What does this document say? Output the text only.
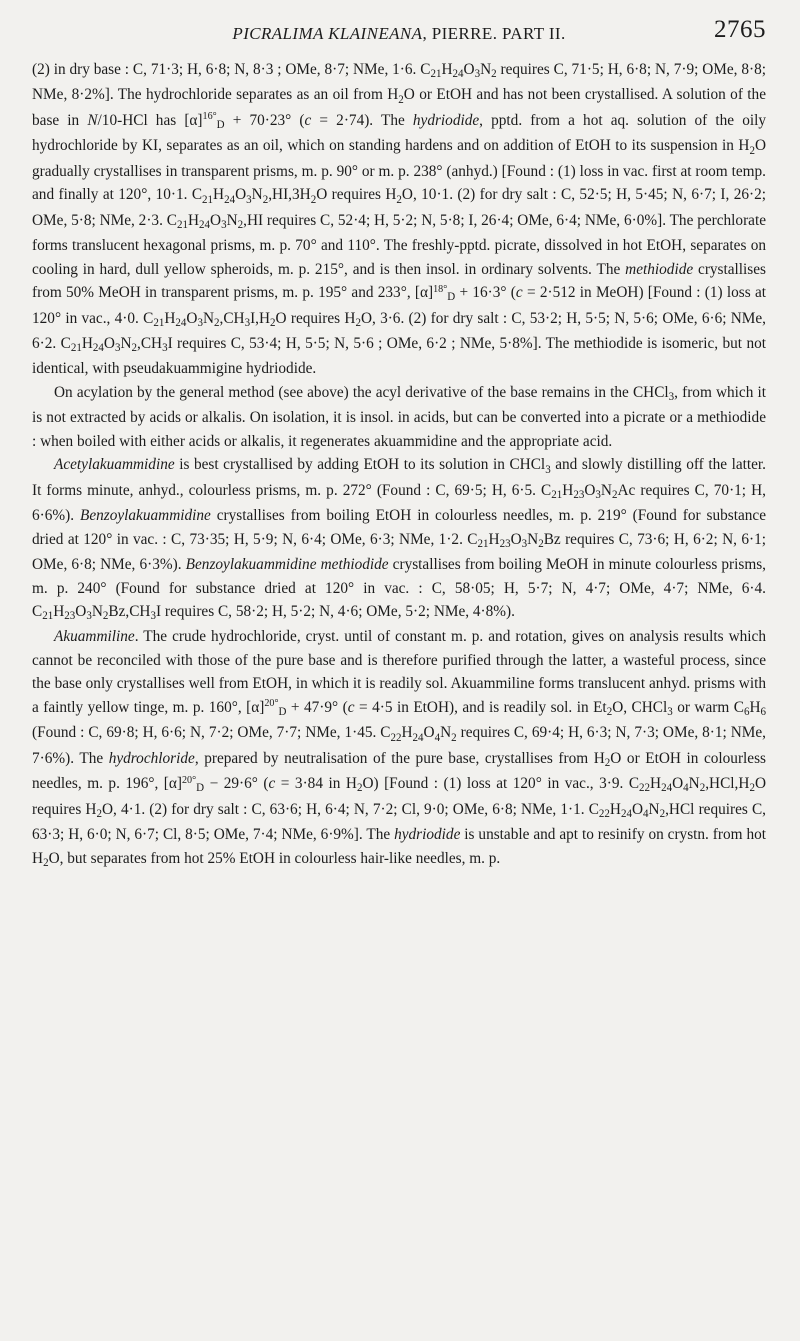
PICRALIMA KLAINEANA, PIERRE. PART II.	2765

(2) in dry base : C, 71·3; H, 6·8; N, 8·3 ; OMe, 8·7; NMe, 1·6. $C_{21}H_{24}O_3N_2$ requires C, 71·5; H, 6·8; N, 7·9; OMe, 8·8; NMe, 8·2%]. The hydrochloride separates as an oil from $H_2O$ or EtOH and has not been crystallised. A solution of the base in N/10-HCl has $[\alpha]^{16^\circ}_D + 70\cdot 23^\circ$ (c = 2·74). The hydriodide, pptd. from a hot aq. solution of the oily hydrochloride by KI, separates as an oil, which on standing hardens and on addition of EtOH to its suspension in $H_2O$ gradually crystallises in transparent prisms, m. p. 90° or m. p. 238° (anhyd.) [Found : (1) loss in vac. first at room temp. and finally at 120°, 10·1. $C_{21}H_{24}O_3N_2,HI,3H_2O$ requires $H_2O$, 10·1. (2) for dry salt : C, 52·5; H, 5·45; N, 6·7; I, 26·2; OMe, 5·8; NMe, 2·3. $C_{21}H_{24}O_3N_2,HI$ requires C, 52·4; H, 5·2; N, 5·8; I, 26·4; OMe, 6·4; NMe, 6·0%]. The perchlorate forms translucent hexagonal prisms, m. p. 70° and 110°. The freshly-pptd. picrate, dissolved in hot EtOH, separates on cooling in hard, dull yellow spheroids, m. p. 215°, and is then insol. in ordinary solvents. The methiodide crystallises from 50% MeOH in transparent prisms, m. p. 195° and 233°, $[\alpha]^{18^\circ}_D + 16\cdot 3^\circ$ (c = 2·512 in MeOH) [Found : (1) loss at 120° in vac., 4·0. $C_{21}H_{24}O_3N_2,CH_3I,H_2O$ requires $H_2O$, 3·6. (2) for dry salt : C, 53·2; H, 5·5; N, 5·6; OMe, 6·6; NMe, 6·2. $C_{21}H_{24}O_3N_2,CH_3I$ requires C, 53·4; H, 5·5; N, 5·6 ; OMe, 6·2 ; NMe, 5·8%]. The methiodide is isomeric, but not identical, with pseudakuammigine hydriodide.

On acylation by the general method (see above) the acyl derivative of the base remains in the CHCl$_3$, from which it is not extracted by acids or alkalis. On isolation, it is insol. in acids, but can be converted into a picrate or a methiodide : when boiled with either acids or alkalis, it regenerates akuammidine and the appropriate acid.

Acetylakuammidine is best crystallised by adding EtOH to its solution in CHCl$_3$ and slowly distilling off the latter. It forms minute, anhyd., colourless prisms, m. p. 272° (Found : C, 69·5; H, 6·5. $C_{21}H_{23}O_3N_2Ac$ requires C, 70·1; H, 6·6%). Benzoylakuammidine crystallises from boiling EtOH in colourless needles, m. p. 219° (Found for substance dried at 120° in vac. : C, 73·35; H, 5·9; N, 6·4; OMe, 6·3; NMe, 1·2. $C_{21}H_{23}O_3N_2Bz$ requires C, 73·6; H, 6·2; N, 6·1; OMe, 6·8; NMe, 6·3%). Benzoylakuammidine methiodide crystallises from boiling MeOH in minute colourless prisms, m. p. 240° (Found for substance dried at 120° in vac. : C, 58·05; H, 5·7; N, 4·7; OMe, 4·7; NMe, 6·4. $C_{21}H_{23}O_3N_2Bz,CH_3I$ requires C, 58·2; H, 5·2; N, 4·6; OMe, 5·2; NMe, 4·8%).

Akuammiline. The crude hydrochloride, cryst. until of constant m. p. and rotation, gives on analysis results which cannot be reconciled with those of the pure base and is therefore purified through the latter, a wasteful process, since the base only crystallises well from EtOH, in which it is readily sol. Akuammiline forms translucent anhyd. prisms with a faintly yellow tinge, m. p. 160°, $[\alpha]^{20^\circ}_D + 47\cdot 9^\circ$ (c = 4·5 in EtOH), and is readily sol. in $Et_2O$, CHCl$_3$ or warm $C_6H_6$ (Found : C, 69·8; H, 6·6; N, 7·2; OMe, 7·7; NMe, 1·45. $C_{22}H_{24}O_4N_2$ requires C, 69·4; H, 6·3; N, 7·3; OMe, 8·1; NMe, 7·6%). The hydrochloride, prepared by neutralisation of the pure base, crystallises from $H_2O$ or EtOH in colourless needles, m. p. 196°, $[\alpha]^{20^\circ}_D - 29\cdot 6^\circ$ (c = 3·84 in $H_2O$) [Found : (1) loss at 120° in vac., 3·9. $C_{22}H_{24}O_4N_2,HCl,H_2O$ requires $H_2O$, 4·1. (2) for dry salt : C, 63·6; H, 6·4; N, 7·2; Cl, 9·0; OMe, 6·8; NMe, 1·1. $C_{22}H_{24}O_4N_2,HCl$ requires C, 63·3; H, 6·0; N, 6·7; Cl, 8·5; OMe, 7·4; NMe, 6·9%]. The hydriodide is unstable and apt to resinify on crystn. from hot $H_2O$, but separates from hot 25% EtOH in colourless hair-like needles, m. p.
